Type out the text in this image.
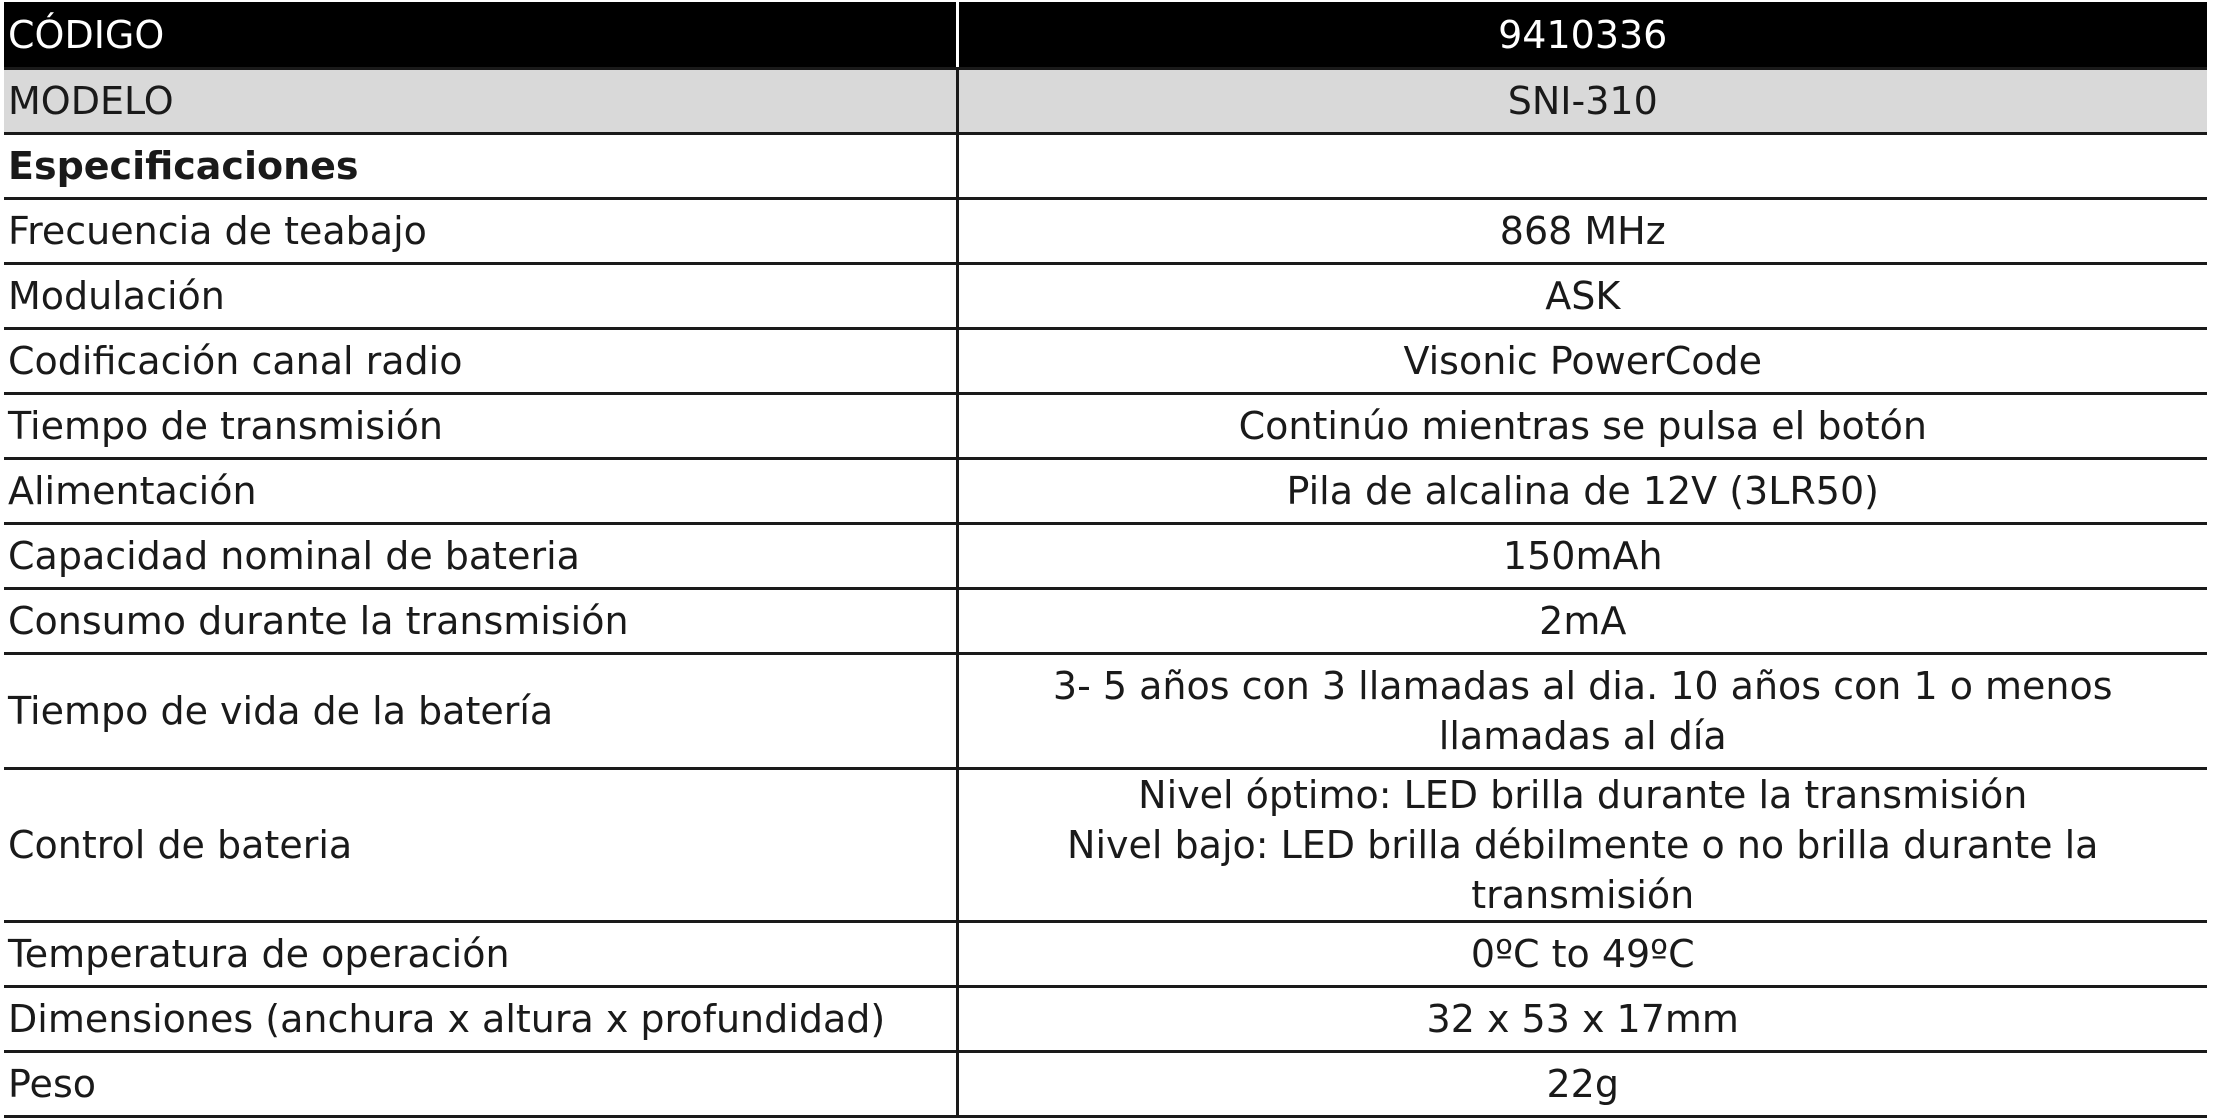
CÓDIGO	9410336
MODELO	SNI-310
Especificaciones	
Frecuencia de teabajo	868 MHz
Modulación	ASK
Codificación canal radio	Visonic PowerCode
Tiempo de transmisión	Continúo mientras se pulsa el botón
Alimentación	Pila de alcalina de 12V (3LR50)
Capacidad nominal de bateria	150mAh
Consumo durante la transmisión	2mA
Tiempo de vida de la batería	3- 5 años con 3 llamadas al dia. 10 años con 1 o menos
llamadas al día

Control de bateria	Nivel óptimo: LED brilla durante la transmisión
Nivel bajo: LED brilla débilmente o no brilla durante la transmisión

Temperatura de operación	0ºC to 49ºC
Dimensiones (anchura x altura x profundidad)	32 x 53 x 17mm
Peso	22g
